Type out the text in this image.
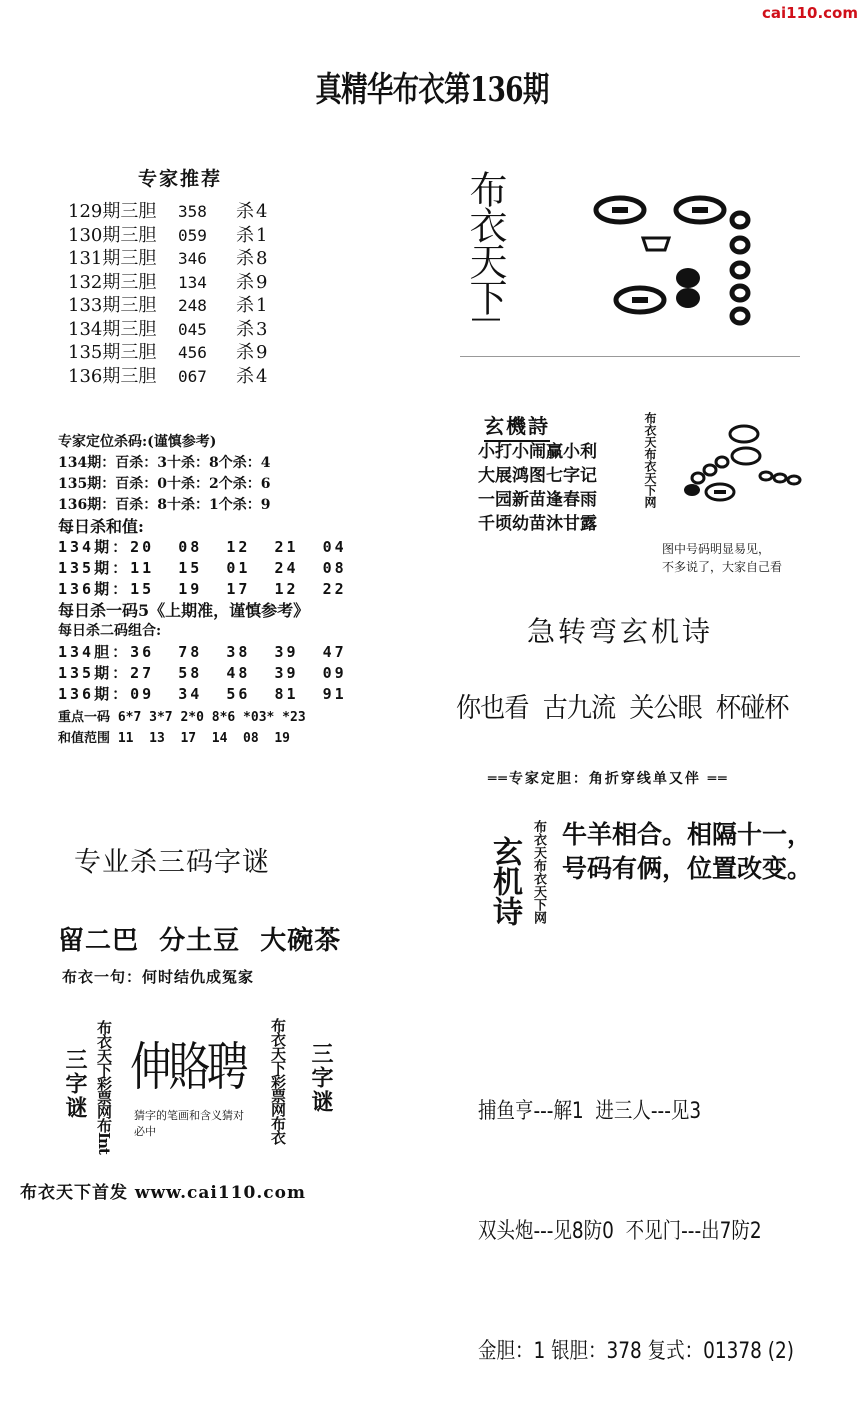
cai110.com
真精华布衣第136期
专家推荐
129期三胆	358	杀 4
130期三胆	059	杀 1
131期三胆	346	杀 8
132期三胆	134	杀 9
133期三胆	248	杀 1
134期三胆	045	杀 3
135期三胆	456	杀 9
136期三胆	067	杀 4
专家定位杀码:(谨慎参考)
134期：百杀：3十杀：8个杀：4
135期：百杀：0十杀：2个杀：6
136期：百杀：8十杀：1个杀：9
每日杀和值:
134期：20  08  12  21  04
135期：11  15  01  24  08
136期：15  19  17  12  22
每日杀一码5《上期准，谨慎参考》
每日杀二码组合:
134胆：36  78  38  39  47
135期：27  58  48  39  09
136期：09  34  56  81  91
重点一码 6*7 3*7 2*0 8*6 *03* *23
和值范围 11  13  17  14  08  19
专业杀三码字谜
留二巴  分土豆  大碗茶
布衣一句：何时结仇成冤家
三字谜 布衣天下彩票网布Int 伸賂聘
猜字的笔画和含义猜对必中	布衣天下彩票网布衣 三字谜
布衣天下首发 www.cai110.com
布衣天下I
玄機詩
小打小闹赢小利
大展鸿图七字记
一园新苗逢春雨
千顷幼苗沐甘露
布衣天布衣天下网
图中号码明显易见，
不多说了，大家自己看
急转弯玄机诗
你也看  古九流  关公眼  杯碰杯
══专家定胆：角折穿线单又伴 ══
玄机诗 布衣天布衣天下网 牛羊相合。相隔十一，
号码有俩，位置改变。

捕鱼亨---解1  进三人---见3

双头炮---见8防0  不见门---出7防2

金胆：1 银胆：378 复式：01378 (2)
